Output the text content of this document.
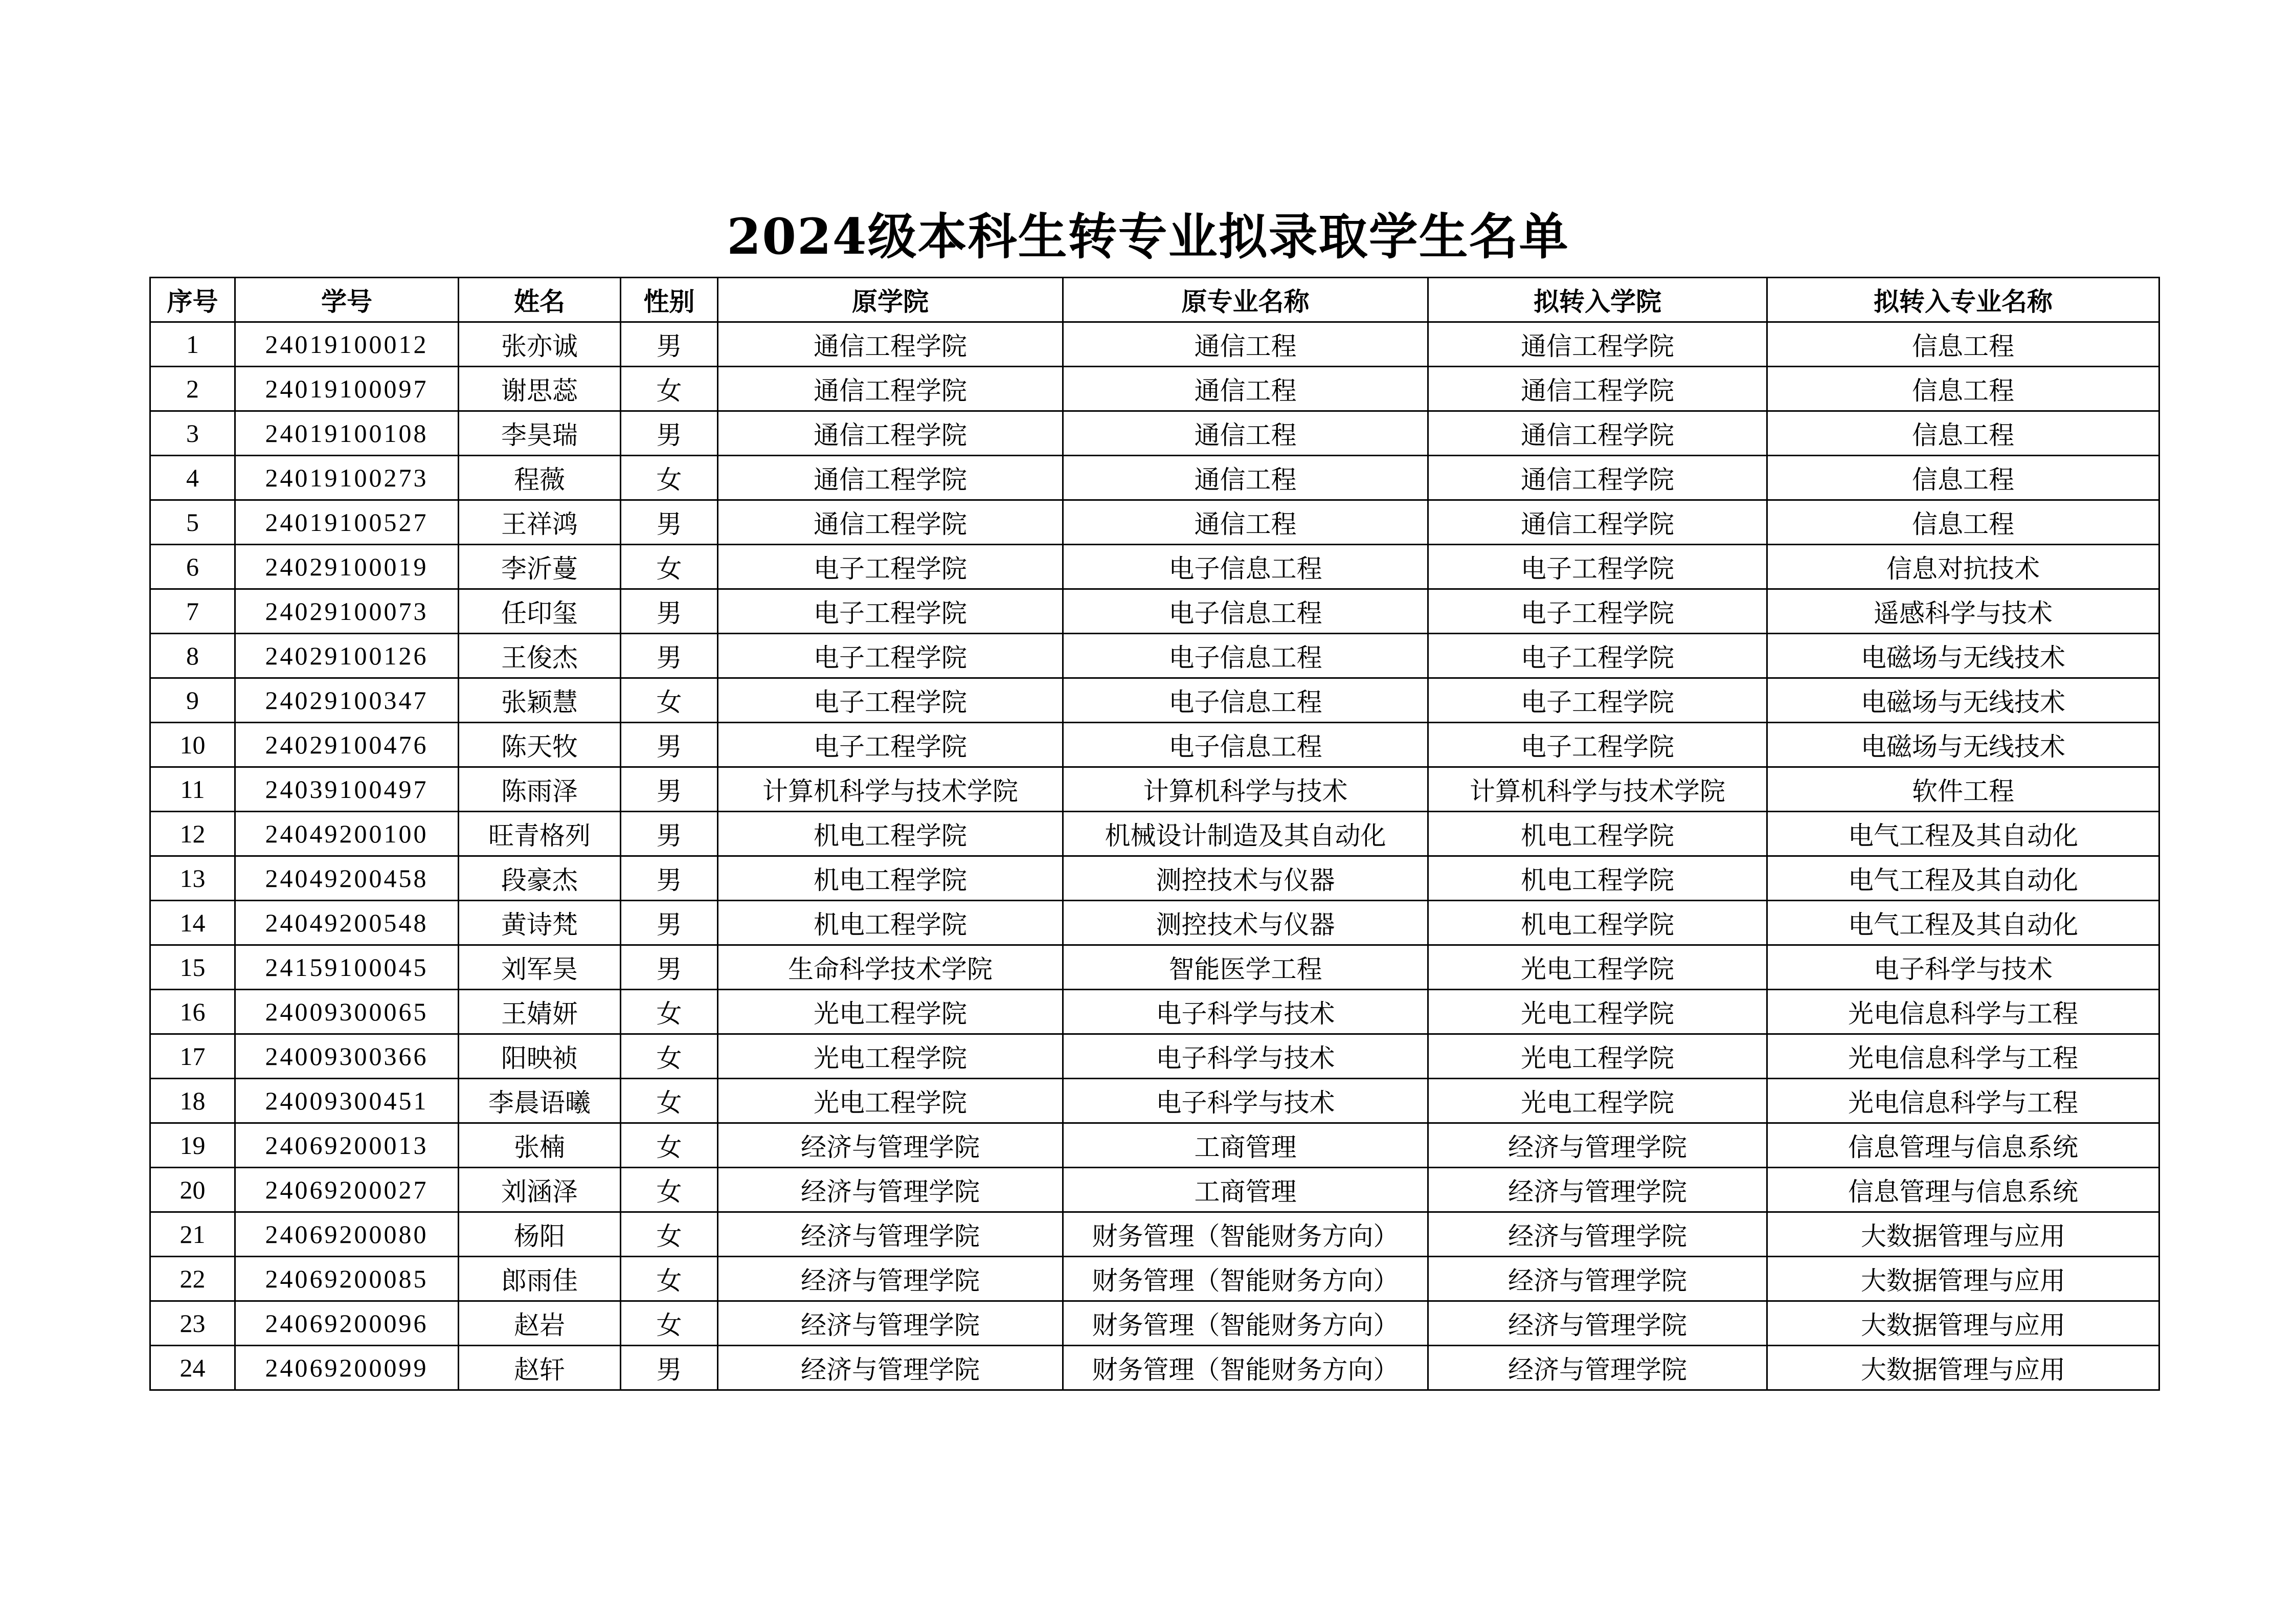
2024级本科生转专业拟录取学生名单
序号	学号	姓名	性别	原学院	原专业名称	拟转入学院	拟转入专业名称
1	24019100012	张亦诚	男	通信工程学院	通信工程	通信工程学院	信息工程
2	24019100097	谢思蕊	女	通信工程学院	通信工程	通信工程学院	信息工程
3	24019100108	李昊瑞	男	通信工程学院	通信工程	通信工程学院	信息工程
4	24019100273	程薇	女	通信工程学院	通信工程	通信工程学院	信息工程
5	24019100527	王祥鸿	男	通信工程学院	通信工程	通信工程学院	信息工程
6	24029100019	李沂蔓	女	电子工程学院	电子信息工程	电子工程学院	信息对抗技术
7	24029100073	任印玺	男	电子工程学院	电子信息工程	电子工程学院	遥感科学与技术
8	24029100126	王俊杰	男	电子工程学院	电子信息工程	电子工程学院	电磁场与无线技术
9	24029100347	张颖慧	女	电子工程学院	电子信息工程	电子工程学院	电磁场与无线技术
10	24029100476	陈天牧	男	电子工程学院	电子信息工程	电子工程学院	电磁场与无线技术
11	24039100497	陈雨泽	男	计算机科学与技术学院	计算机科学与技术	计算机科学与技术学院	软件工程
12	24049200100	旺青格列	男	机电工程学院	机械设计制造及其自动化	机电工程学院	电气工程及其自动化
13	24049200458	段豪杰	男	机电工程学院	测控技术与仪器	机电工程学院	电气工程及其自动化
14	24049200548	黄诗梵	男	机电工程学院	测控技术与仪器	机电工程学院	电气工程及其自动化
15	24159100045	刘军昊	男	生命科学技术学院	智能医学工程	光电工程学院	电子科学与技术
16	24009300065	王婧妍	女	光电工程学院	电子科学与技术	光电工程学院	光电信息科学与工程
17	24009300366	阳映祯	女	光电工程学院	电子科学与技术	光电工程学院	光电信息科学与工程
18	24009300451	李晨语曦	女	光电工程学院	电子科学与技术	光电工程学院	光电信息科学与工程
19	24069200013	张楠	女	经济与管理学院	工商管理	经济与管理学院	信息管理与信息系统
20	24069200027	刘涵泽	女	经济与管理学院	工商管理	经济与管理学院	信息管理与信息系统
21	24069200080	杨阳	女	经济与管理学院	财务管理（智能财务方向）	经济与管理学院	大数据管理与应用
22	24069200085	郎雨佳	女	经济与管理学院	财务管理（智能财务方向）	经济与管理学院	大数据管理与应用
23	24069200096	赵岩	女	经济与管理学院	财务管理（智能财务方向）	经济与管理学院	大数据管理与应用
24	24069200099	赵轩	男	经济与管理学院	财务管理（智能财务方向）	经济与管理学院	大数据管理与应用
